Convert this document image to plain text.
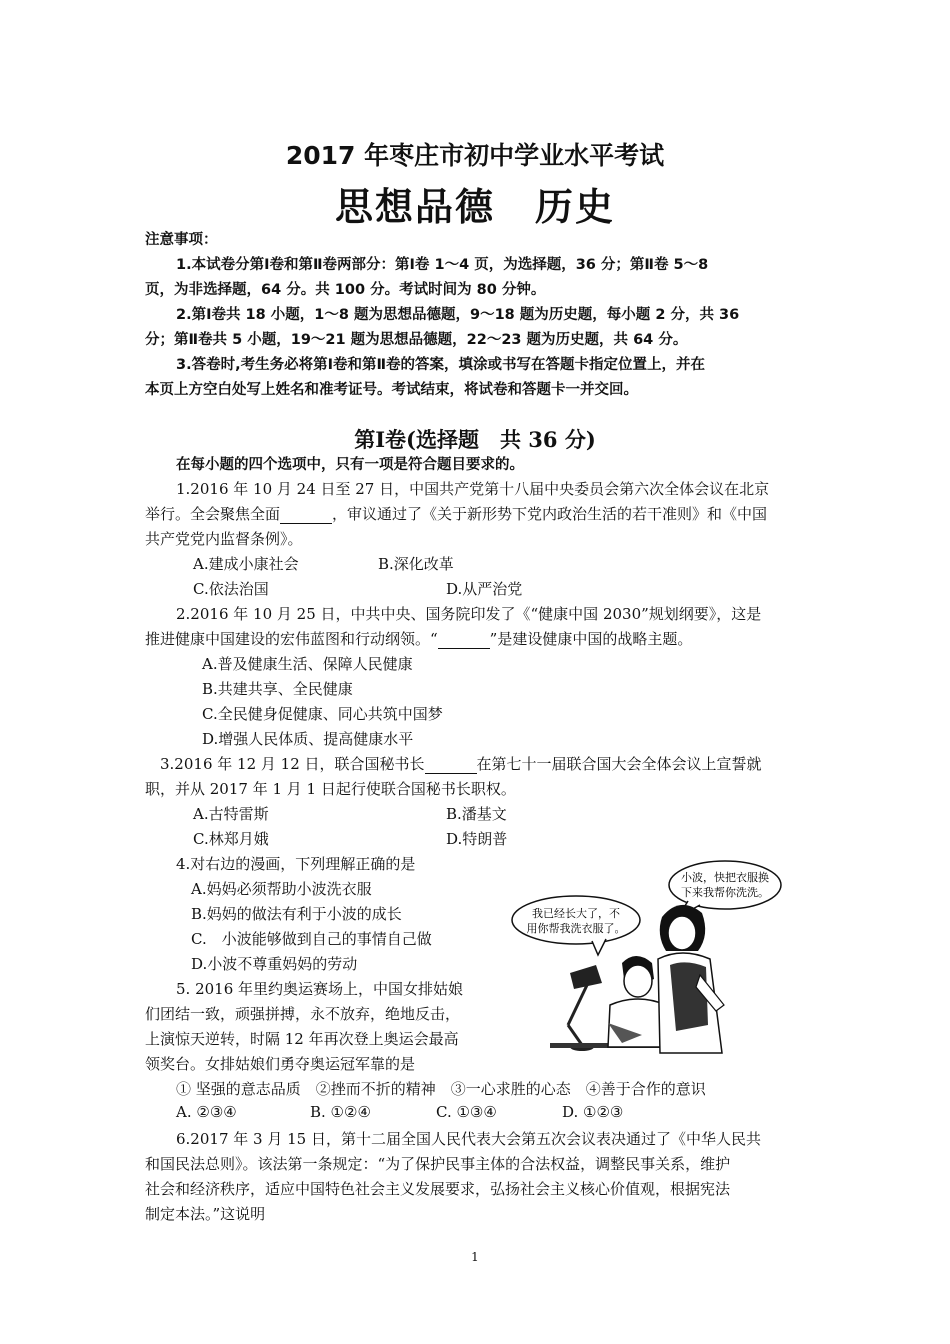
2017 年枣庄市初中学业水平考试
思想品德　历史
注意事项：
1.本试卷分第Ⅰ卷和第Ⅱ卷两部分：第Ⅰ卷 1～4 页，为选择题，36 分；第Ⅱ卷 5～8
页，为非选择题，64 分。共 100 分。考试时间为 80 分钟。
2.第Ⅰ卷共 18 小题，1～8 题为思想品德题，9～18 题为历史题，每小题 2 分，共 36
分；第Ⅱ卷共 5 小题，19～21 题为思想品德题，22～23 题为历史题，共 64 分。
3.答卷时,考生务必将第Ⅰ卷和第Ⅱ卷的答案，填涂或书写在答题卡指定位置上，并在
本页上方空白处写上姓名和准考证号。考试结束，将试卷和答题卡一并交回。
第Ⅰ卷(选择题　共 36 分)
在每小题的四个选项中，只有一项是符合题目要求的。
1.2016 年 10 月 24 日至 27 日，中国共产党第十八届中央委员会第六次全体会议在北京
举行。全会聚焦全面	，审议通过了《关于新形势下党内政治生活的若干准则》和《中国
共产党党内监督条例》。
A.建成小康社会	B.深化改革
C.依法治国	D.从严治党
2.2016 年 10 月 25 日，中共中央、国务院印发了《“健康中国 2030”规划纲要》，这是
推进健康中国建设的宏伟蓝图和行动纲领。“	”是建设健康中国的战略主题。
A.普及健康生活、保障人民健康
B.共建共享、全民健康
C.全民健身促健康、同心共筑中国梦
D.增强人民体质、提高健康水平
3.2016 年 12 月 12 日，联合国秘书长	在第七十一届联合国大会全体会议上宣誓就
职，并从 2017 年 1 月 1 日起行使联合国秘书长职权。
A.古特雷斯	B.潘基文
C.林郑月娥	D.特朗普
4.对右边的漫画，下列理解正确的是
A.妈妈必须帮助小波洗衣服
B.妈妈的做法有利于小波的成长
C.　小波能够做到自己的事情自己做
D.小波不尊重妈妈的劳动
小波，快把衣服换
下来我帮你洗洗。
我已经长大了，不
用你帮我洗衣服了。
5. 2016 年里约奥运赛场上，中国女排姑娘
们团结一致，顽强拼搏，永不放弃，绝地反击，
上演惊天逆转，时隔 12 年再次登上奥运会最高
领奖台。女排姑娘们勇夺奥运冠军靠的是
① 坚强的意志品质　②挫而不折的精神　③一心求胜的心态　④善于合作的意识
A. ②③④	B. ①②④	C. ①③④	D. ①②③
6.2017 年 3 月 15 日，第十二届全国人民代表大会第五次会议表决通过了《中华人民共
和国民法总则》。该法第一条规定：“为了保护民事主体的合法权益，调整民事关系，维护
社会和经济秩序，适应中国特色社会主义发展要求，弘扬社会主义核心价值观，根据宪法
制定本法。”这说明
1
